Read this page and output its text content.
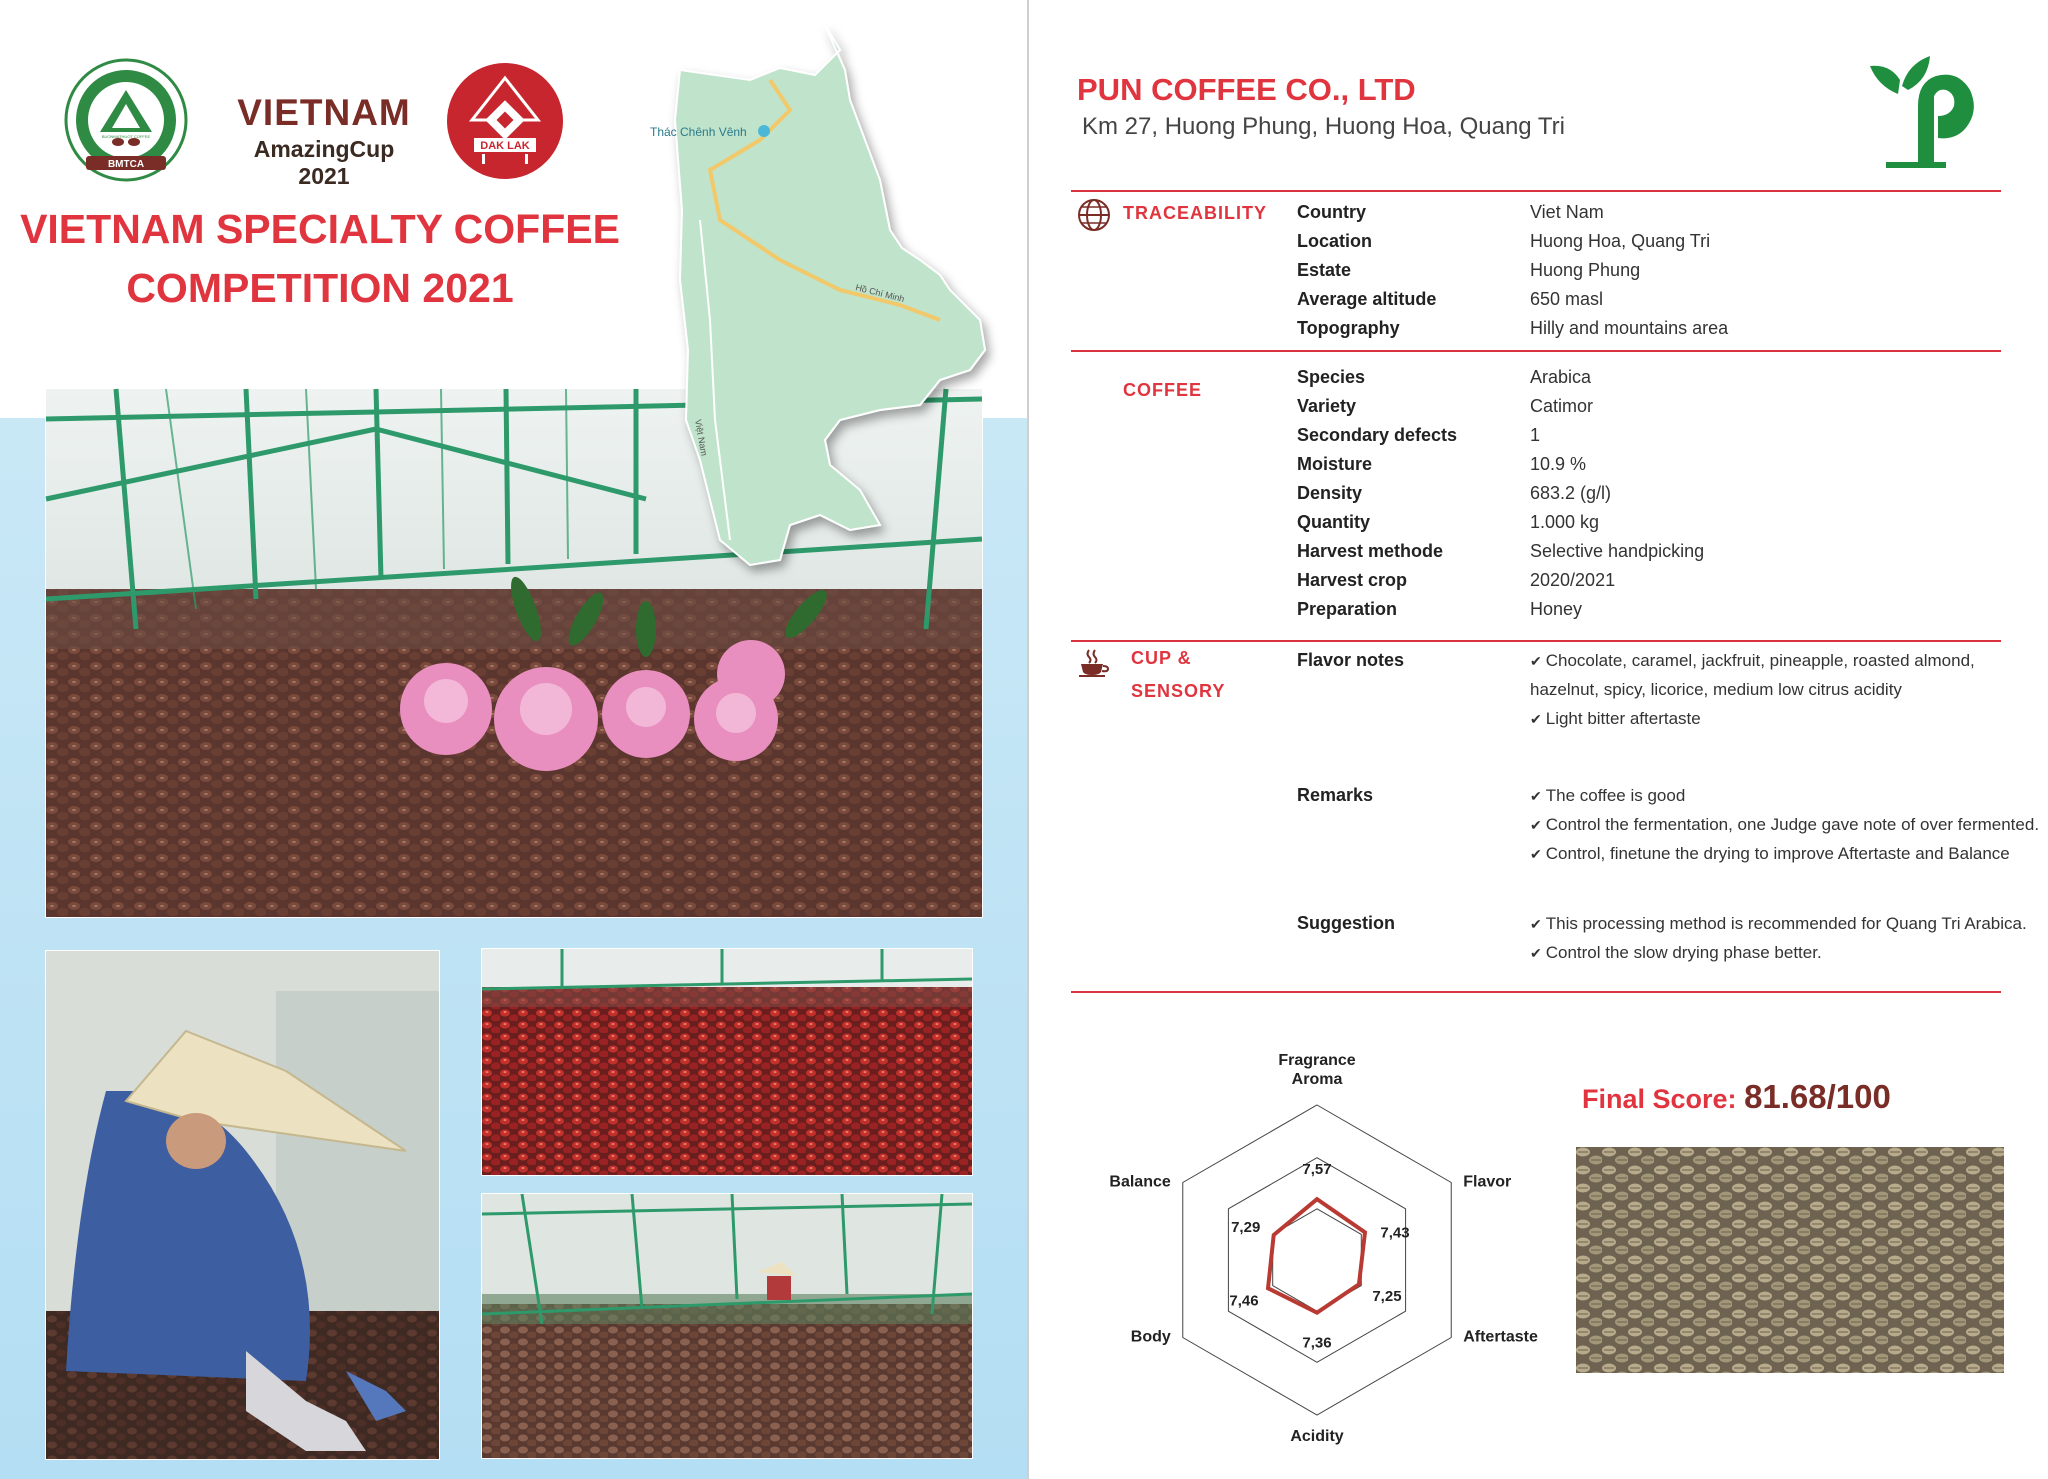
BMTCA
BUONMATHUOT COFFEE
VIETNAM
AmazingCup 2021
DAK LAK
VIETNAM SPECIALTY COFFEE
COMPETITION 2021
Thác Chênh Vênh
Hồ Chí Minh
Việt Nam
PUN COFFEE CO., LTD
Km 27, Huong Phung, Huong Hoa, Quang Tri
TRACEABILITY Country	Viet Nam
Location	Huong Hoa, Quang Tri
Estate	Huong Phung
Average altitude	650 masl
Topography	Hilly and mountains area
COFFEE
Species	Arabica
Variety	Catimor
Secondary defects	1
Moisture	10.9 %
Density	683.2 (g/l)
Quantity	1.000 kg
Harvest methode	Selective handpicking
Harvest crop	2020/2021
Preparation	Honey
CUP &
SENSORY
Flavor notes	✔ Chocolate, caramel, jackfruit, pineapple, roasted almond,
hazelnut, spicy, licorice, medium low citrus acidity
✔ Light bitter aftertaste
Remarks	✔ The coffee is good
✔ Control the fermentation, one Judge gave note of over fermented.
✔ Control, finetune the drying to improve Aftertaste and Balance
Suggestion	✔ This processing method is recommended for Quang Tri Arabica.
✔ Control the slow drying phase better.
Fragrance
Aroma
Flavor
Aftertaste
Acidity
Body
Balance
7,57
7,43
7,25
7,36
7,46
7,29
Final Score: 81.68/100
